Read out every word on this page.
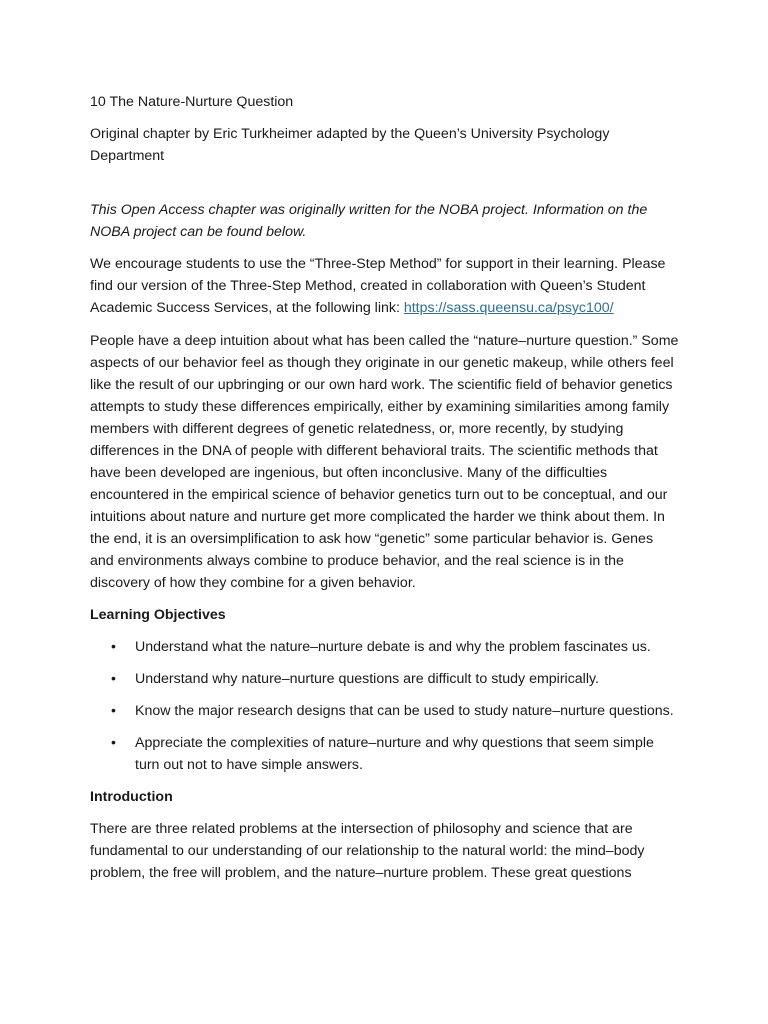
10 The Nature-Nurture Question

Original chapter by Eric Turkheimer adapted by the Queen’s University Psychology Department

This Open Access chapter was originally written for the NOBA project. Information on the NOBA project can be found below.

We encourage students to use the “Three-Step Method” for support in their learning. Please find our version of the Three-Step Method, created in collaboration with Queen’s Student Academic Success Services, at the following link: https://sass.queensu.ca/psyc100/

People have a deep intuition about what has been called the “nature–nurture question.” Some aspects of our behavior feel as though they originate in our genetic makeup, while others feel like the result of our upbringing or our own hard work. The scientific field of behavior genetics attempts to study these differences empirically, either by examining similarities among family members with different degrees of genetic relatedness, or, more recently, by studying differences in the DNA of people with different behavioral traits. The scientific methods that have been developed are ingenious, but often inconclusive. Many of the difficulties encountered in the empirical science of behavior genetics turn out to be conceptual, and our intuitions about nature and nurture get more complicated the harder we think about them. In the end, it is an oversimplification to ask how “genetic” some particular behavior is. Genes and environments always combine to produce behavior, and the real science is in the discovery of how they combine for a given behavior.

Learning Objectives

• Understand what the nature–nurture debate is and why the problem fascinates us.
• Understand why nature–nurture questions are difficult to study empirically.
• Know the major research designs that can be used to study nature–nurture questions.
• Appreciate the complexities of nature–nurture and why questions that seem simple turn out not to have simple answers.

Introduction

There are three related problems at the intersection of philosophy and science that are fundamental to our understanding of our relationship to the natural world: the mind–body problem, the free will problem, and the nature–nurture problem. These great questions
